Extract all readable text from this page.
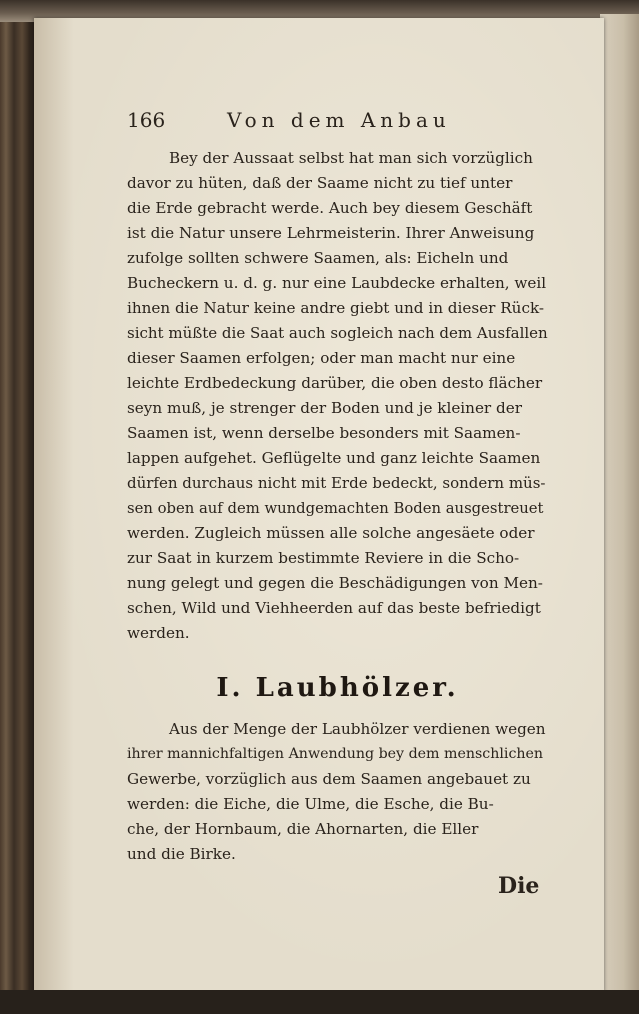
166	Von dem Anbau
Bey der Aussaat selbst hat man sich vorzüglich
davor zu hüten, daß der Saame nicht zu tief unter
die Erde gebracht werde. Auch bey diesem Geschäft
ist die Natur unsere Lehrmeisterin. Ihrer Anweisung
zufolge sollten schwere Saamen, als: Eicheln und
Bucheckern u. d. g. nur eine Laubdecke erhalten, weil
ihnen die Natur keine andre giebt und in dieser Rück-
sicht müßte die Saat auch sogleich nach dem Ausfallen
dieser Saamen erfolgen; oder man macht nur eine
leichte Erdbedeckung darüber, die oben desto flächer
seyn muß, je strenger der Boden und je kleiner der
Saamen ist, wenn derselbe besonders mit Saamen-
lappen aufgehet. Geflügelte und ganz leichte Saamen
dürfen durchaus nicht mit Erde bedeckt, sondern müs-
sen oben auf dem wundgemachten Boden ausgestreuet
werden. Zugleich müssen alle solche angesäete oder
zur Saat in kurzem bestimmte Reviere in die Scho-
nung gelegt und gegen die Beschädigungen von Men-
schen, Wild und Viehheerden auf das beste befriedigt
werden.
I. Laubhölzer.
Aus der Menge der Laubhölzer verdienen wegen
ihrer mannichfaltigen Anwendung bey dem menschlichen
Gewerbe, vorzüglich aus dem Saamen angebauet zu
werden: die Eiche, die Ulme, die Esche, die Bu-
che, der Hornbaum, die Ahornarten, die Eller
und die Birke.
Die
